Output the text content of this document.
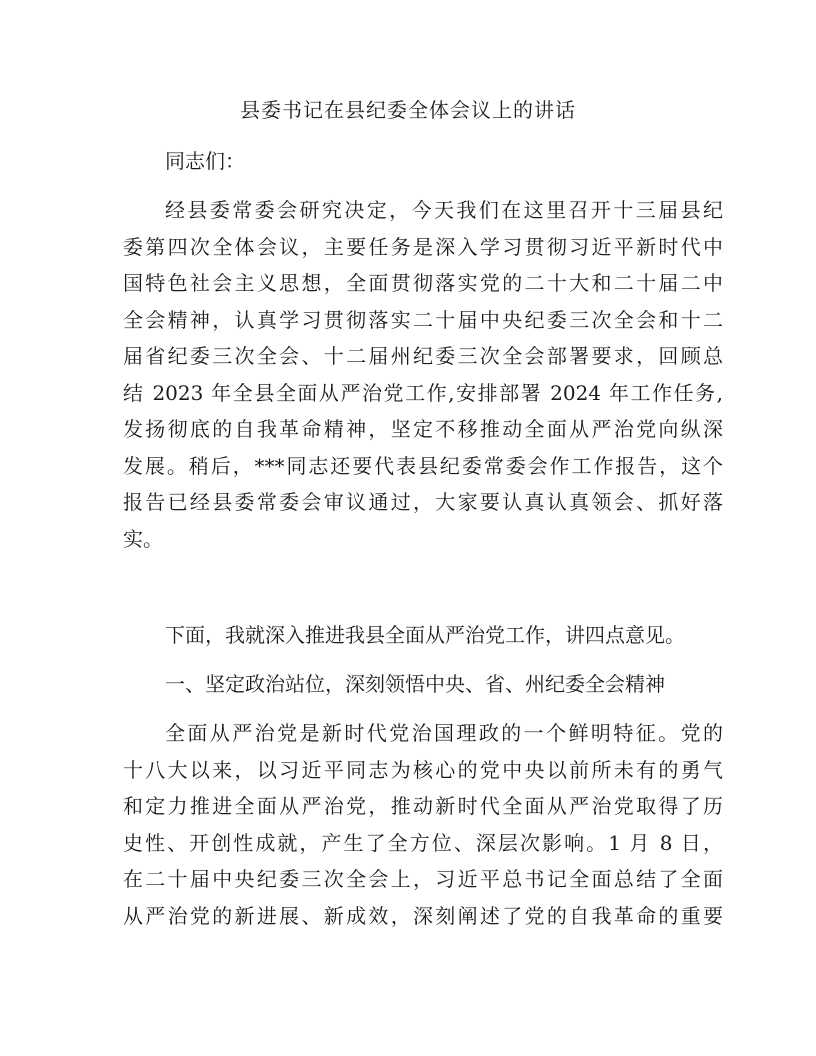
县委书记在县纪委全体会议上的讲话

同志们：

经县委常委会研究决定，今天我们在这里召开十三届县纪
委第四次全体会议，主要任务是深入学习贯彻习近平新时代中
国特色社会主义思想，全面贯彻落实党的二十大和二十届二中
全会精神，认真学习贯彻落实二十届中央纪委三次全会和十二
届省纪委三次全会、十二届州纪委三次全会部署要求，回顾总
结 2023 年全县全面从严治党工作,安排部署 2024 年工作任务,
发扬彻底的自我革命精神，坚定不移推动全面从严治党向纵深
发展。稍后，***同志还要代表县纪委常委会作工作报告，这个
报告已经县委常委会审议通过，大家要认真认真领会、抓好落
实。

下面，我就深入推进我县全面从严治党工作，讲四点意见。

一、坚定政治站位，深刻领悟中央、省、州纪委全会精神

全面从严治党是新时代党治国理政的一个鲜明特征。党的
十八大以来，以习近平同志为核心的党中央以前所未有的勇气
和定力推进全面从严治党，推动新时代全面从严治党取得了历
史性、开创性成就，产生了全方位、深层次影响。1 月 8 日，
在二十届中央纪委三次全会上，习近平总书记全面总结了全面
从严治党的新进展、新成效，深刻阐述了党的自我革命的重要
